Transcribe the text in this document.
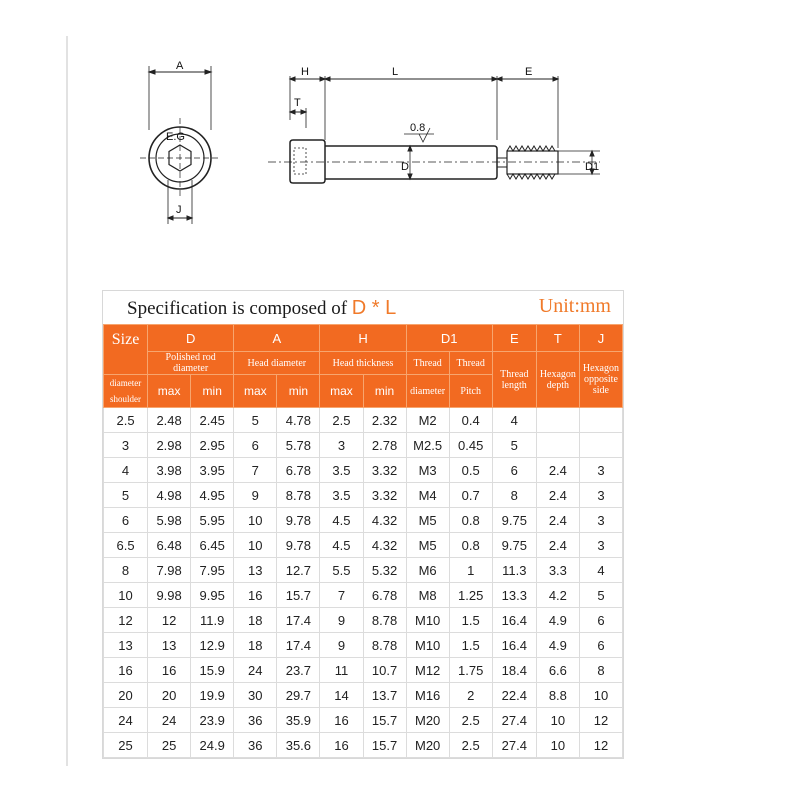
A
E.G
J
H	L	E
T
0.8
D	D1
Specification is composed of D * L	Unit:mm
Size	D		A		H		D1		E	T	J
	Polished rod diameter		Head diameter		Head thickness		Thread	Thread	Thread length	Hexagon depth	Hexagon opposite side
diameter shoulder	max	min	max	min	max	min	diameter	Pitch			
2.5	2.48	2.45	5	4.78	2.5	2.32	M2	0.4	4		
3	2.98	2.95	6	5.78	3	2.78	M2.5	0.45	5		
4	3.98	3.95	7	6.78	3.5	3.32	M3	0.5	6	2.4	3
5	4.98	4.95	9	8.78	3.5	3.32	M4	0.7	8	2.4	3
6	5.98	5.95	10	9.78	4.5	4.32	M5	0.8	9.75	2.4	3
6.5	6.48	6.45	10	9.78	4.5	4.32	M5	0.8	9.75	2.4	3
8	7.98	7.95	13	12.7	5.5	5.32	M6	1	11.3	3.3	4
10	9.98	9.95	16	15.7	7	6.78	M8	1.25	13.3	4.2	5
12	12	11.9	18	17.4	9	8.78	M10	1.5	16.4	4.9	6
13	13	12.9	18	17.4	9	8.78	M10	1.5	16.4	4.9	6
16	16	15.9	24	23.7	11	10.7	M12	1.75	18.4	6.6	8
20	20	19.9	30	29.7	14	13.7	M16	2	22.4	8.8	10
24	24	23.9	36	35.9	16	15.7	M20	2.5	27.4	10	12
25	25	24.9	36	35.6	16	15.7	M20	2.5	27.4	10	12
